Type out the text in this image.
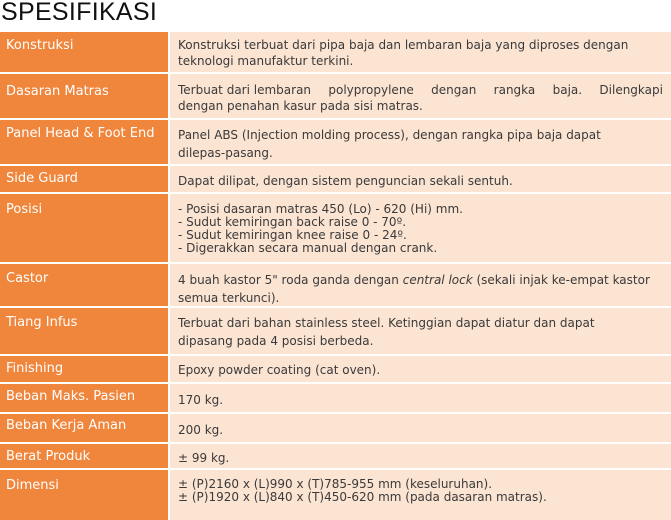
SPESIFIKASI
Konstruksi	Konstruksi terbuat dari pipa baja dan lembaran baja yang diproses dengan
teknologi manufaktur terkini.
Dasaran Matras	Terbuat dari lembaran polypropylene dengan rangka baja. Dilengkapi
dengan penahan kasur pada sisi matras.
Panel Head & Foot End	Panel ABS (Injection molding process), dengan rangka pipa baja dapat
dilepas-pasang.
Side Guard	Dapat dilipat, dengan sistem penguncian sekali sentuh.
Posisi	- Posisi dasaran matras 450 (Lo) - 620 (Hi) mm.
- Sudut kemiringan back raise 0 - 70º.
- Sudut kemiringan knee raise 0 - 24º.
- Digerakkan secara manual dengan crank.
Castor	4 buah kastor 5" roda ganda dengan central lock (sekali injak ke-empat kastor
semua terkunci).
Tiang Infus	Terbuat dari bahan stainless steel. Ketinggian dapat diatur dan dapat
dipasang pada 4 posisi berbeda.
Finishing	Epoxy powder coating (cat oven).
Beban Maks. Pasien	170 kg.
Beban Kerja Aman	200 kg.
Berat Produk	± 99 kg.
Dimensi	± (P)2160 x (L)990 x (T)785-955 mm (keseluruhan).
± (P)1920 x (L)840 x (T)450-620 mm (pada dasaran matras).
